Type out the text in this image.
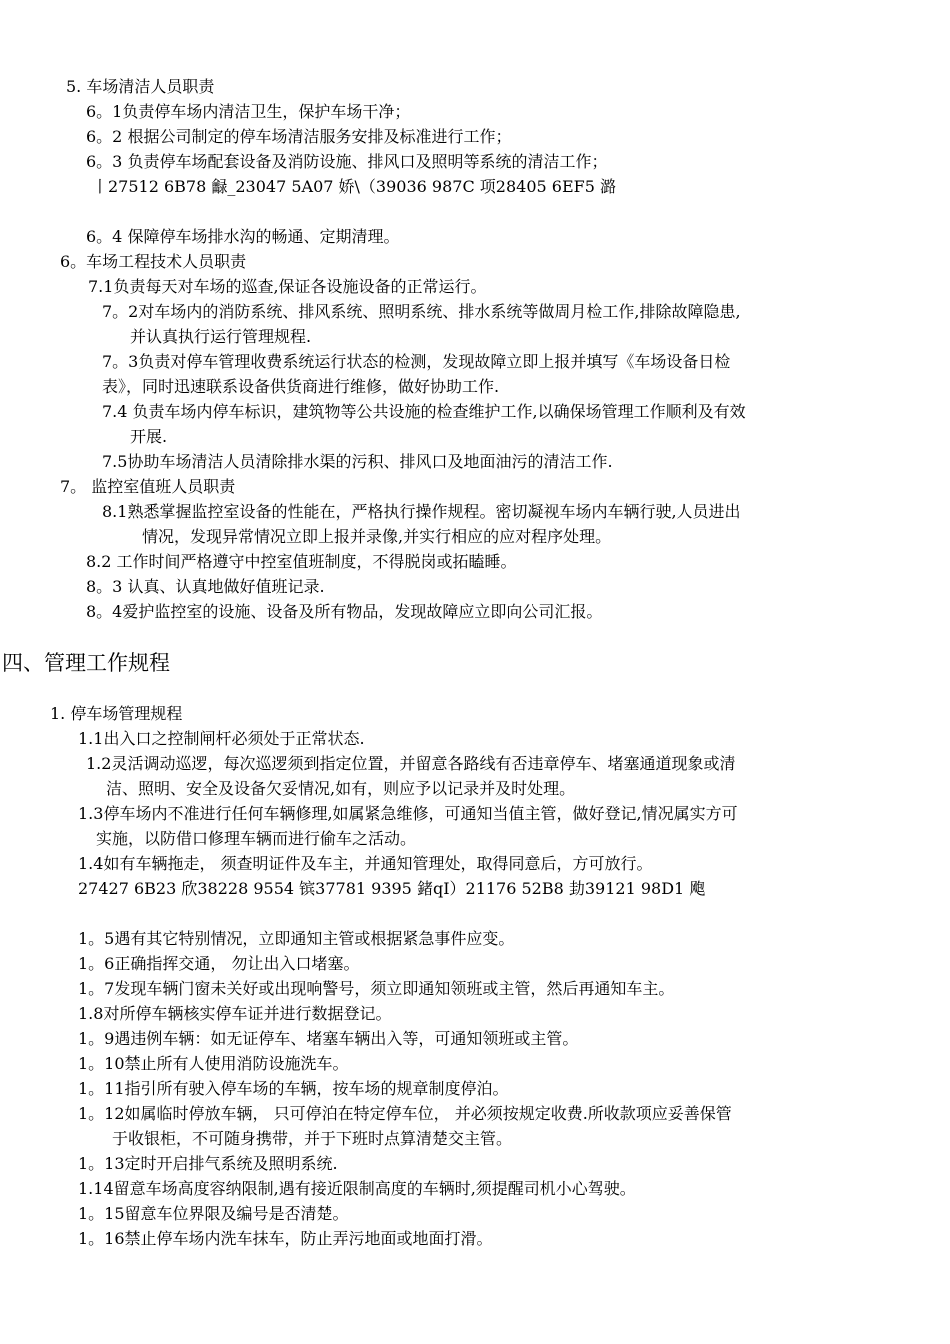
5. 车场清洁人员职责
6。1负责停车场内清洁卫生，保护车场干净；
6。2 根据公司制定的停车场清洁服务安排及标准进行工作；
6。3 负责停车场配套设备及消防设施、排风口及照明等系统的清洁工作；
丨27512 6B78 龣_23047 5A07 娇\（39036 987C 项28405 6EF5 潞
6。4 保障停车场排水沟的畅通、定期清理。
6。车场工程技术人员职责
7.1负责每天对车场的巡查,保证各设施设备的正常运行。
7。2对车场内的消防系统、排风系统、照明系统、排水系统等做周月检工作,排除故障隐患,
并认真执行运行管理规程.
7。3负责对停车管理收费系统运行状态的检测，发现故障立即上报并填写《车场设备日检
表》，同时迅速联系设备供货商进行维修，做好协助工作.
7.4 负责车场内停车标识，建筑物等公共设施的检查维护工作,以确保场管理工作顺利及有效
开展.
7.5协助车场清洁人员清除排水渠的污积、排风口及地面油污的清洁工作.
7。 监控室值班人员职责
8.1熟悉掌握监控室设备的性能在，严格执行操作规程。密切凝视车场内车辆行驶,人员进出
情况，发现异常情况立即上报并录像,并实行相应的应对程序处理。
8.2 工作时间严格遵守中控室值班制度，不得脱岗或拓瞌睡。
8。3 认真、认真地做好值班记录.
8。4爱护监控室的设施、设备及所有物品，发现故障应立即向公司汇报。
四、管理工作规程
1. 停车场管理规程
1.1出入口之控制闸杆必须处于正常状态.
1.2灵活调动巡逻，每次巡逻须到指定位置，并留意各路线有否违章停车、堵塞通道现象或清
洁、照明、安全及设备欠妥情况,如有，则应予以记录并及时处理。
1.3停车场内不准进行任何车辆修理,如属紧急维修，可通知当值主管，做好登记,情况属实方可
实施，以防借口修理车辆而进行偷车之活动。
1.4如有车辆拖走， 须查明证件及车主，并通知管理处，取得同意后，方可放行。
27427 6B23 欣38228 9554 镔37781 9395 鍺qI）21176 52B8 劸39121 98D1 飑
1。5遇有其它特别情况，立即通知主管或根据紧急事件应变。
1。6正确指挥交通， 勿让出入口堵塞。
1。7发现车辆门窗未关好或出现响警号，须立即通知领班或主管，然后再通知车主。
1.8对所停车辆核实停车证并进行数据登记。
1。9遇违例车辆：如无证停车、堵塞车辆出入等，可通知领班或主管。
1。10禁止所有人使用消防设施洗车。
1。11指引所有驶入停车场的车辆，按车场的规章制度停泊。
1。12如属临时停放车辆， 只可停泊在特定停车位， 并必须按规定收费.所收款项应妥善保管
于收银柜，不可随身携带，并于下班时点算清楚交主管。
1。13定时开启排气系统及照明系统.
1.14留意车场高度容纳限制,遇有接近限制高度的车辆时,须提醒司机小心驾驶。
1。15留意车位界限及编号是否清楚。
1。16禁止停车场内洗车抹车，防止弄污地面或地面打滑。
